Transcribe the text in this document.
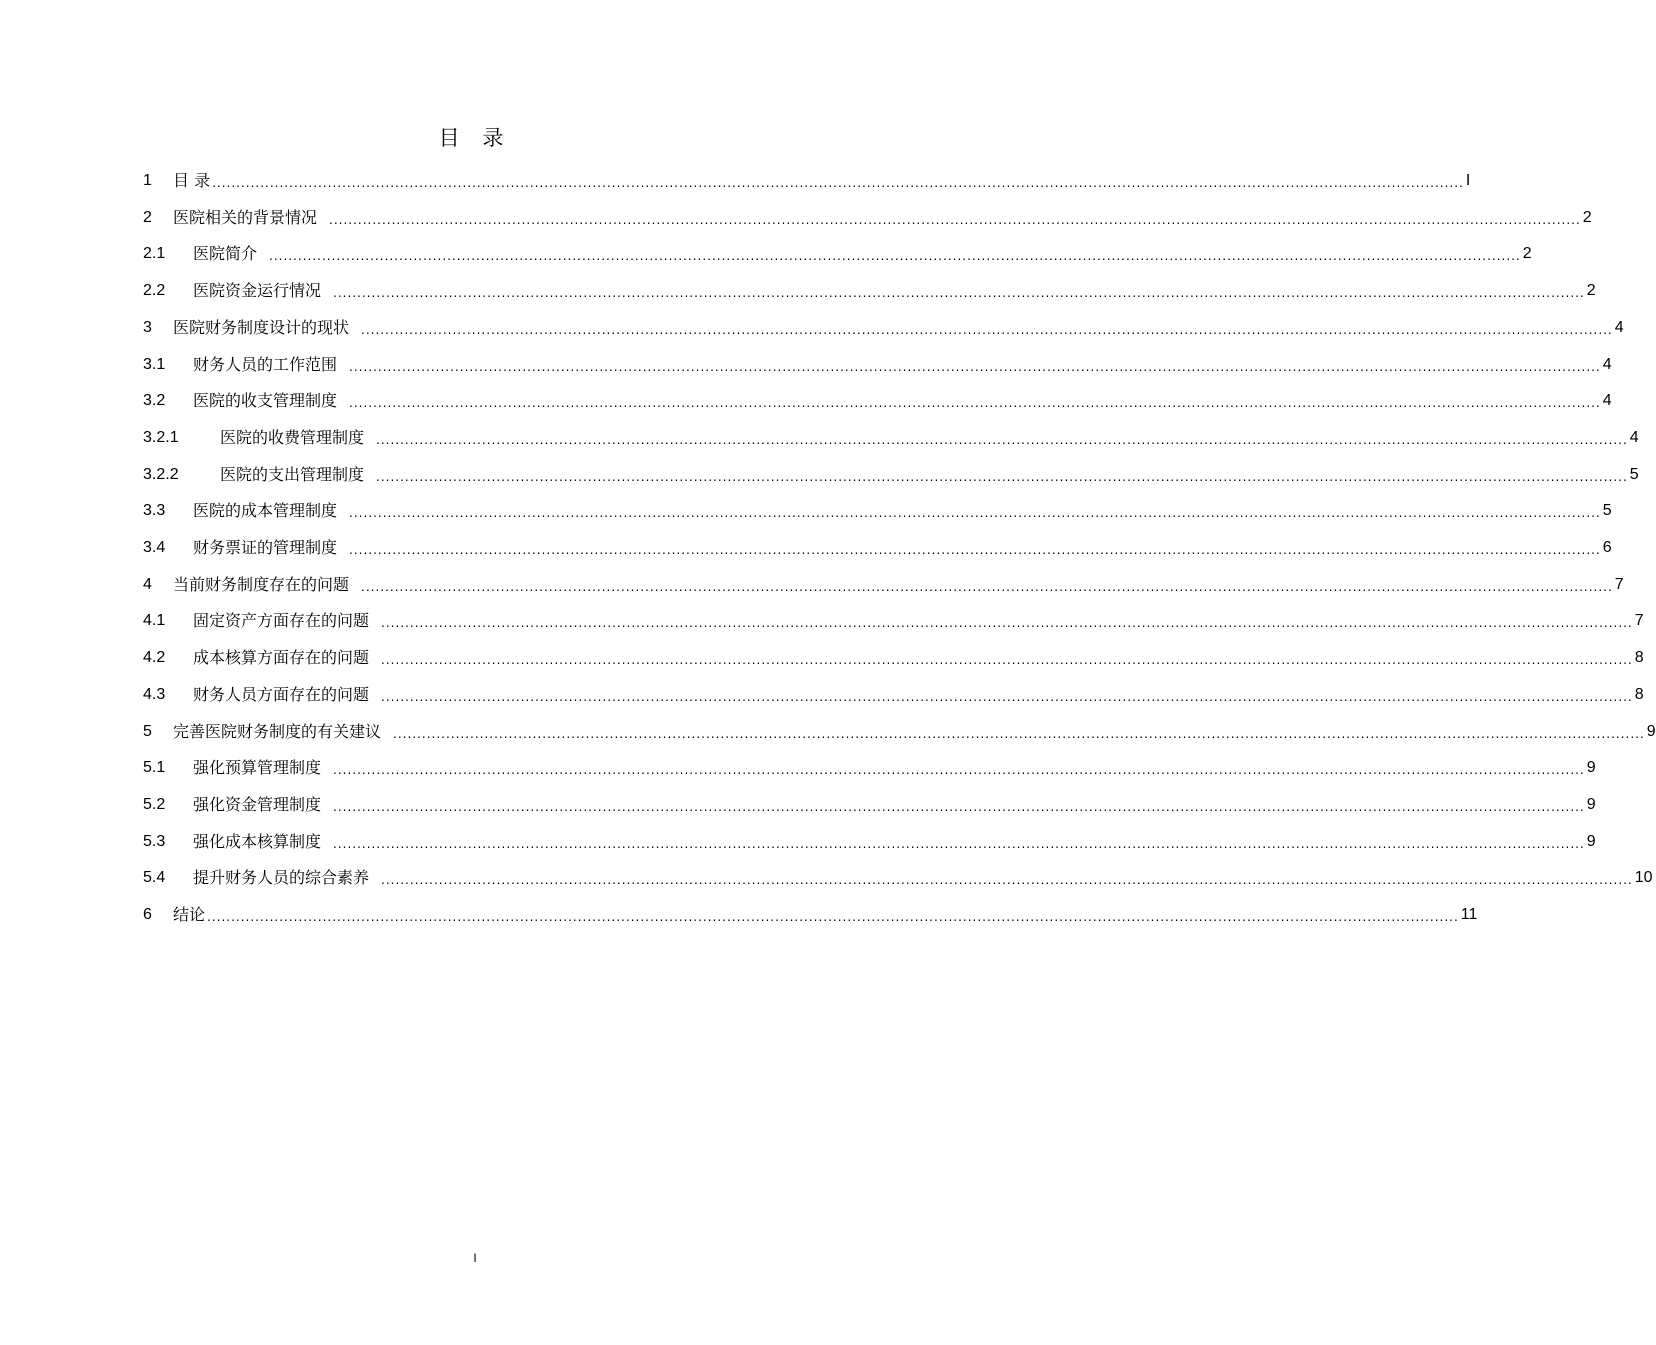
目 录
1	目 录 .................................................................................................................................................................................................................................................................... I
2	医院相关的背景情况 .................................................................................................................................................................................................................................................................... 2
2.1	医院简介 .................................................................................................................................................................................................................................................................... 2
2.2	医院资金运行情况 .................................................................................................................................................................................................................................................................... 2
3	医院财务制度设计的现状 .................................................................................................................................................................................................................................................................... 4
3.1	财务人员的工作范围 .................................................................................................................................................................................................................................................................... 4
3.2	医院的收支管理制度 .................................................................................................................................................................................................................................................................... 4
3.2.1	医院的收费管理制度 .................................................................................................................................................................................................................................................................... 4
3.2.2	医院的支出管理制度 .................................................................................................................................................................................................................................................................... 5
3.3	医院的成本管理制度 .................................................................................................................................................................................................................................................................... 5
3.4	财务票证的管理制度 .................................................................................................................................................................................................................................................................... 6
4	当前财务制度存在的问题 .................................................................................................................................................................................................................................................................... 7
4.1	固定资产方面存在的问题 .................................................................................................................................................................................................................................................................... 7
4.2	成本核算方面存在的问题 .................................................................................................................................................................................................................................................................... 8
4.3	财务人员方面存在的问题 .................................................................................................................................................................................................................................................................... 8
5	完善医院财务制度的有关建议 .................................................................................................................................................................................................................................................................... 9
5.1	强化预算管理制度 .................................................................................................................................................................................................................................................................... 9
5.2	强化资金管理制度 .................................................................................................................................................................................................................................................................... 9
5.3	强化成本核算制度 .................................................................................................................................................................................................................................................................... 9
5.4	提升财务人员的综合素养 .................................................................................................................................................................................................................................................................... 10
6	结论 .................................................................................................................................................................................................................................................................... 11
I
